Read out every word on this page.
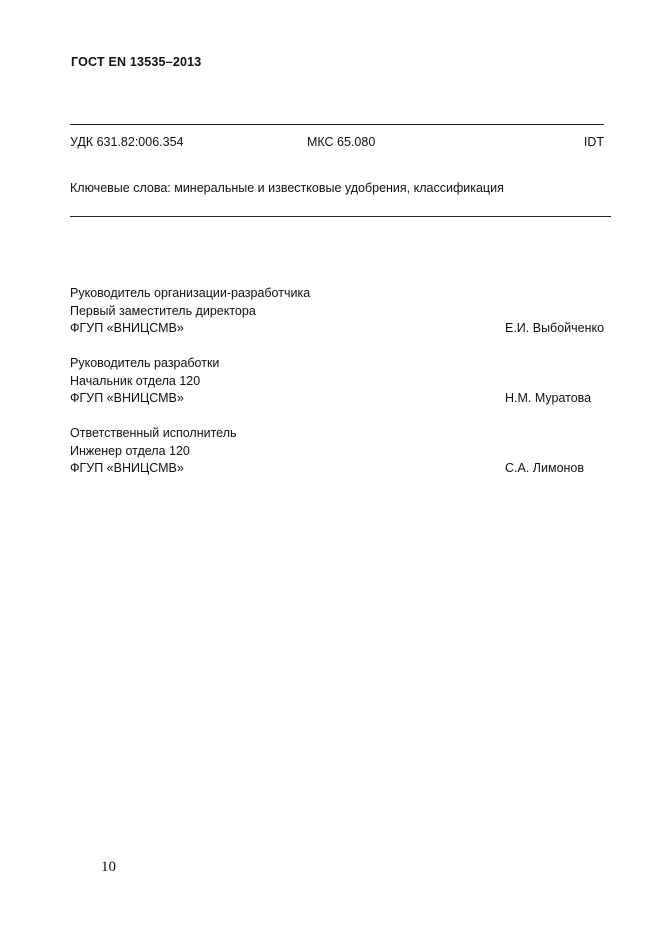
ГОСТ EN 13535–2013
УДК 631.82:006.354	МКС 65.080	IDT
Ключевые слова: минеральные и известковые удобрения, классификация
Руководитель организации-разработчика
Первый заместитель директора
ФГУП «ВНИЦСМВ»	Е.И. Выбойченко
Руководитель разработки
Начальник отдела 120
ФГУП «ВНИЦСМВ»	Н.М. Муратова
Ответственный исполнитель
Инженер отдела 120
ФГУП «ВНИЦСМВ»	С.А. Лимонов
10
